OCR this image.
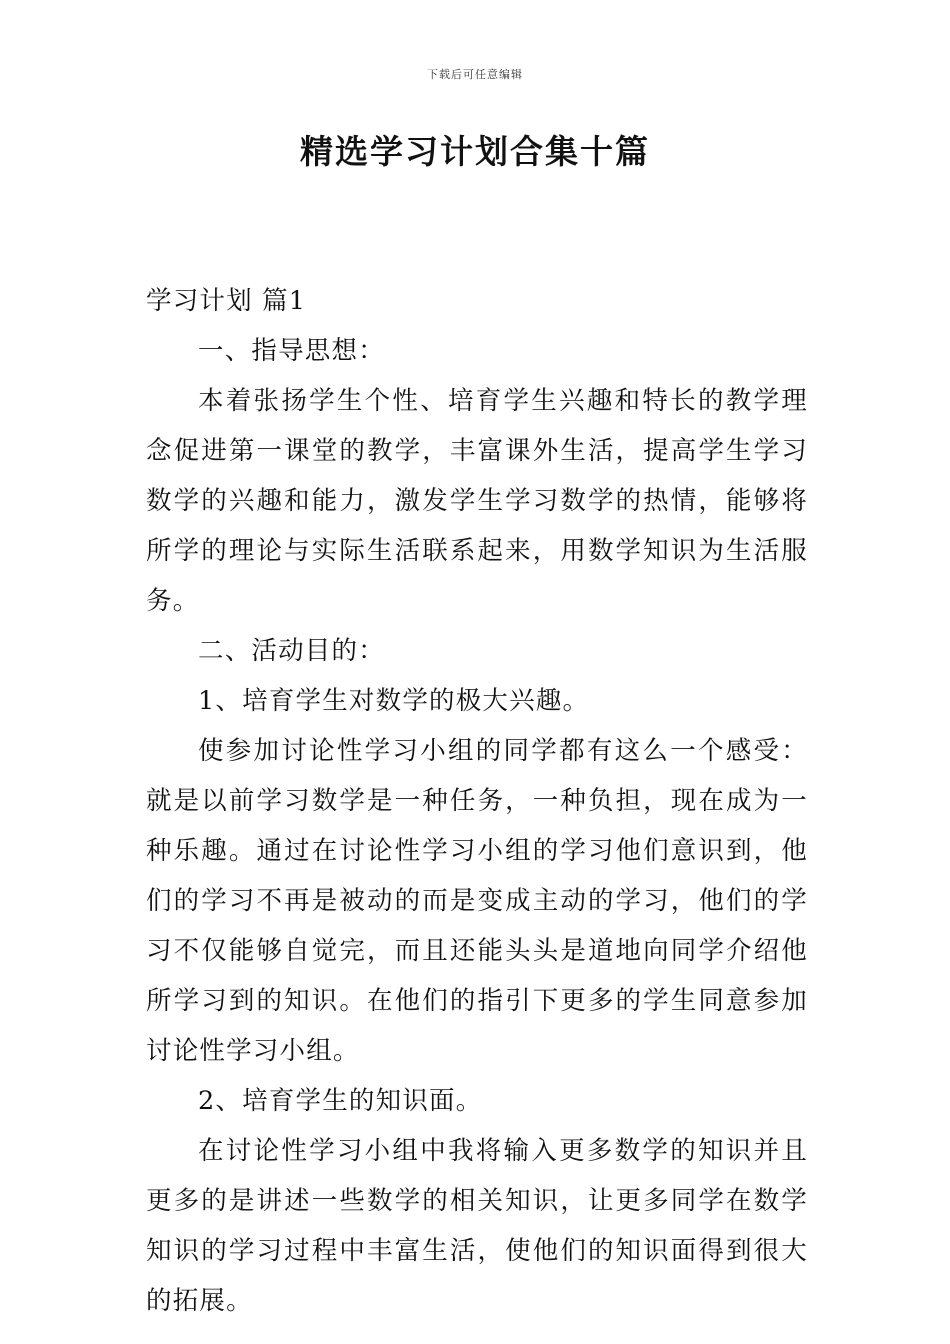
下载后可任意编辑
精选学习计划合集十篇

学习计划 篇1

一、指导思想：

本着张扬学生个性、培育学生兴趣和特长的教学理念促进第一课堂的教学，丰富课外生活，提高学生学习数学的兴趣和能力，激发学生学习数学的热情，能够将所学的理论与实际生活联系起来，用数学知识为生活服务。

二、活动目的：

1、培育学生对数学的极大兴趣。

使参加讨论性学习小组的同学都有这么一个感受：就是以前学习数学是一种任务，一种负担，现在成为一种乐趣。通过在讨论性学习小组的学习他们意识到，他们的学习不再是被动的而是变成主动的学习，他们的学习不仅能够自觉完，而且还能头头是道地向同学介绍他所学习到的知识。在他们的指引下更多的学生同意参加讨论性学习小组。

2、培育学生的知识面。

在讨论性学习小组中我将输入更多数学的知识并且更多的是讲述一些数学的相关知识，让更多同学在数学知识的学习过程中丰富生活，使他们的知识面得到很大的拓展。
